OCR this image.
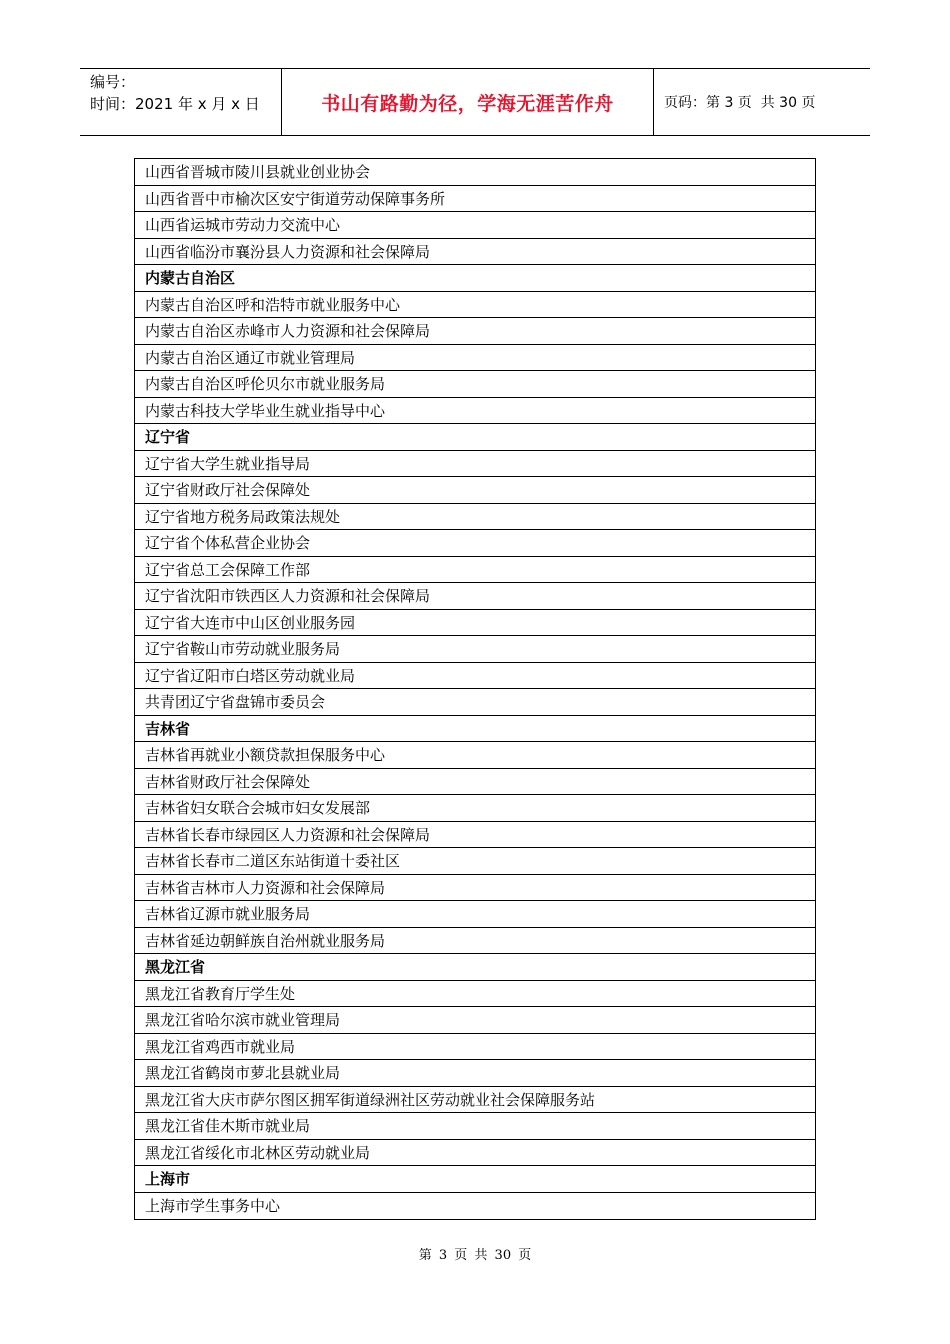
编号：
时间：2021 年 x 月 x 日	书山有路勤为径，学海无涯苦作舟	页码：第 3 页  共 30 页
山西省晋城市陵川县就业创业协会
山西省晋中市榆次区安宁街道劳动保障事务所
山西省运城市劳动力交流中心
山西省临汾市襄汾县人力资源和社会保障局
内蒙古自治区
内蒙古自治区呼和浩特市就业服务中心
内蒙古自治区赤峰市人力资源和社会保障局
内蒙古自治区通辽市就业管理局
内蒙古自治区呼伦贝尔市就业服务局
内蒙古科技大学毕业生就业指导中心
辽宁省
辽宁省大学生就业指导局
辽宁省财政厅社会保障处
辽宁省地方税务局政策法规处
辽宁省个体私营企业协会
辽宁省总工会保障工作部
辽宁省沈阳市铁西区人力资源和社会保障局
辽宁省大连市中山区创业服务园
辽宁省鞍山市劳动就业服务局
辽宁省辽阳市白塔区劳动就业局
共青团辽宁省盘锦市委员会
吉林省
吉林省再就业小额贷款担保服务中心
吉林省财政厅社会保障处
吉林省妇女联合会城市妇女发展部
吉林省长春市绿园区人力资源和社会保障局
吉林省长春市二道区东站街道十委社区
吉林省吉林市人力资源和社会保障局
吉林省辽源市就业服务局
吉林省延边朝鲜族自治州就业服务局
黑龙江省
黑龙江省教育厅学生处
黑龙江省哈尔滨市就业管理局
黑龙江省鸡西市就业局
黑龙江省鹤岗市萝北县就业局
黑龙江省大庆市萨尔图区拥军街道绿洲社区劳动就业社会保障服务站
黑龙江省佳木斯市就业局
黑龙江省绥化市北林区劳动就业局
上海市
上海市学生事务中心
第 3 页 共 30 页
